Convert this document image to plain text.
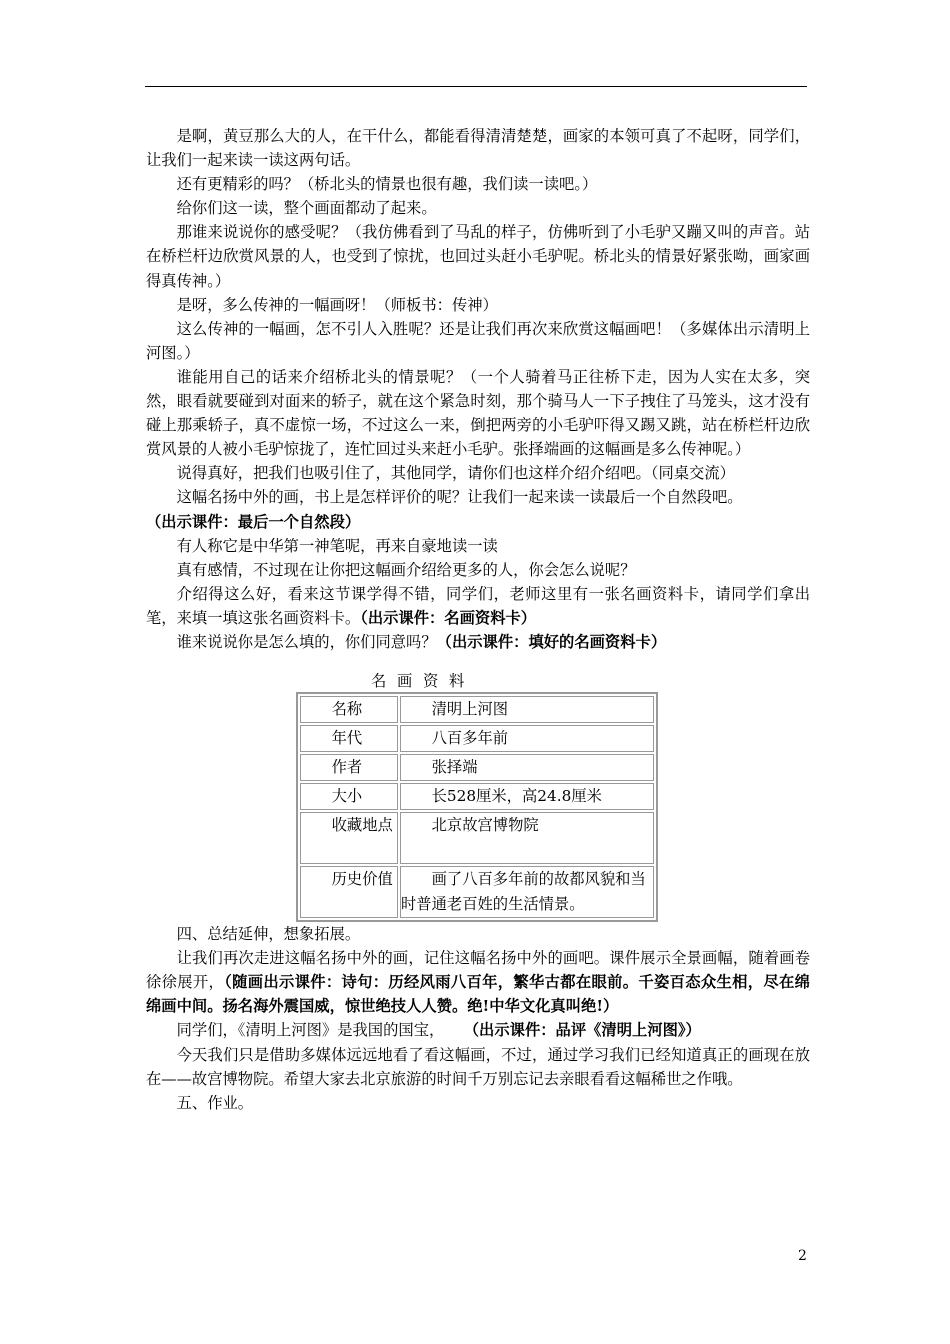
是啊，黄豆那么大的人，在干什么，都能看得清清楚楚，画家的本领可真了不起呀，同学们，让我们一起来读一读这两句话。

还有更精彩的吗？（桥北头的情景也很有趣，我们读一读吧。）

给你们这一读，整个画面都动了起来。

那谁来说说你的感受呢？（我仿佛看到了马乱的样子，仿佛听到了小毛驴又蹦又叫的声音。站在桥栏杆边欣赏风景的人，也受到了惊扰，也回过头赶小毛驴呢。桥北头的情景好紧张呦，画家画得真传神。）

是呀，多么传神的一幅画呀！（师板书：传神）

这么传神的一幅画，怎不引人入胜呢？还是让我们再次来欣赏这幅画吧！（多媒体出示清明上河图。）

谁能用自己的话来介绍桥北头的情景呢？（一个人骑着马正往桥下走，因为人实在太多，突然，眼看就要碰到对面来的轿子，就在这个紧急时刻，那个骑马人一下子拽住了马笼头，这才没有碰上那乘轿子，真不虚惊一场，不过这么一来，倒把两旁的小毛驴吓得又踢又跳，站在桥栏杆边欣赏风景的人被小毛驴惊拢了，连忙回过头来赶小毛驴。张择端画的这幅画是多么传神呢。）

说得真好，把我们也吸引住了，其他同学，请你们也这样介绍介绍吧。（同桌交流）

这幅名扬中外的画，书上是怎样评价的呢？让我们一起来读一读最后一个自然段吧。

（出示课件：最后一个自然段）

有人称它是中华第一神笔呢，再来自豪地读一读

真有感情，不过现在让你把这幅画介绍给更多的人，你会怎么说呢？

介绍得这么好，看来这节课学得不错，同学们，老师这里有一张名画资料卡，请同学们拿出笔，来填一填这张名画资料卡。（出示课件：名画资料卡）

谁来说说你是怎么填的，你们同意吗？（出示课件：填好的名画资料卡）

名画资料
名称	清明上河图
年代	八百多年前
作者	张择端
大小	长528厘米，高24.8厘米
收藏地点	北京故宫博物院
历史价值	画了八百多年前的故都风貌和当时普通老百姓的生活情景。

四、总结延伸，想象拓展。

让我们再次走进这幅名扬中外的画，记住这幅名扬中外的画吧。课件展示全景画幅，随着画卷徐徐展开，（随画出示课件：诗句：历经风雨八百年，繁华古都在眼前。千姿百态众生相，尽在绵绵画中间。扬名海外震国威，惊世绝技人人赞。绝!中华文化真叫绝!）

同学们，《清明上河图》是我国的国宝， （出示课件：品评《清明上河图》）

今天我们只是借助多媒体远远地看了看这幅画，不过，通过学习我们已经知道真正的画现在放在——故宫博物院。希望大家去北京旅游的时间千万别忘记去亲眼看看这幅稀世之作哦。

五、作业。

2
